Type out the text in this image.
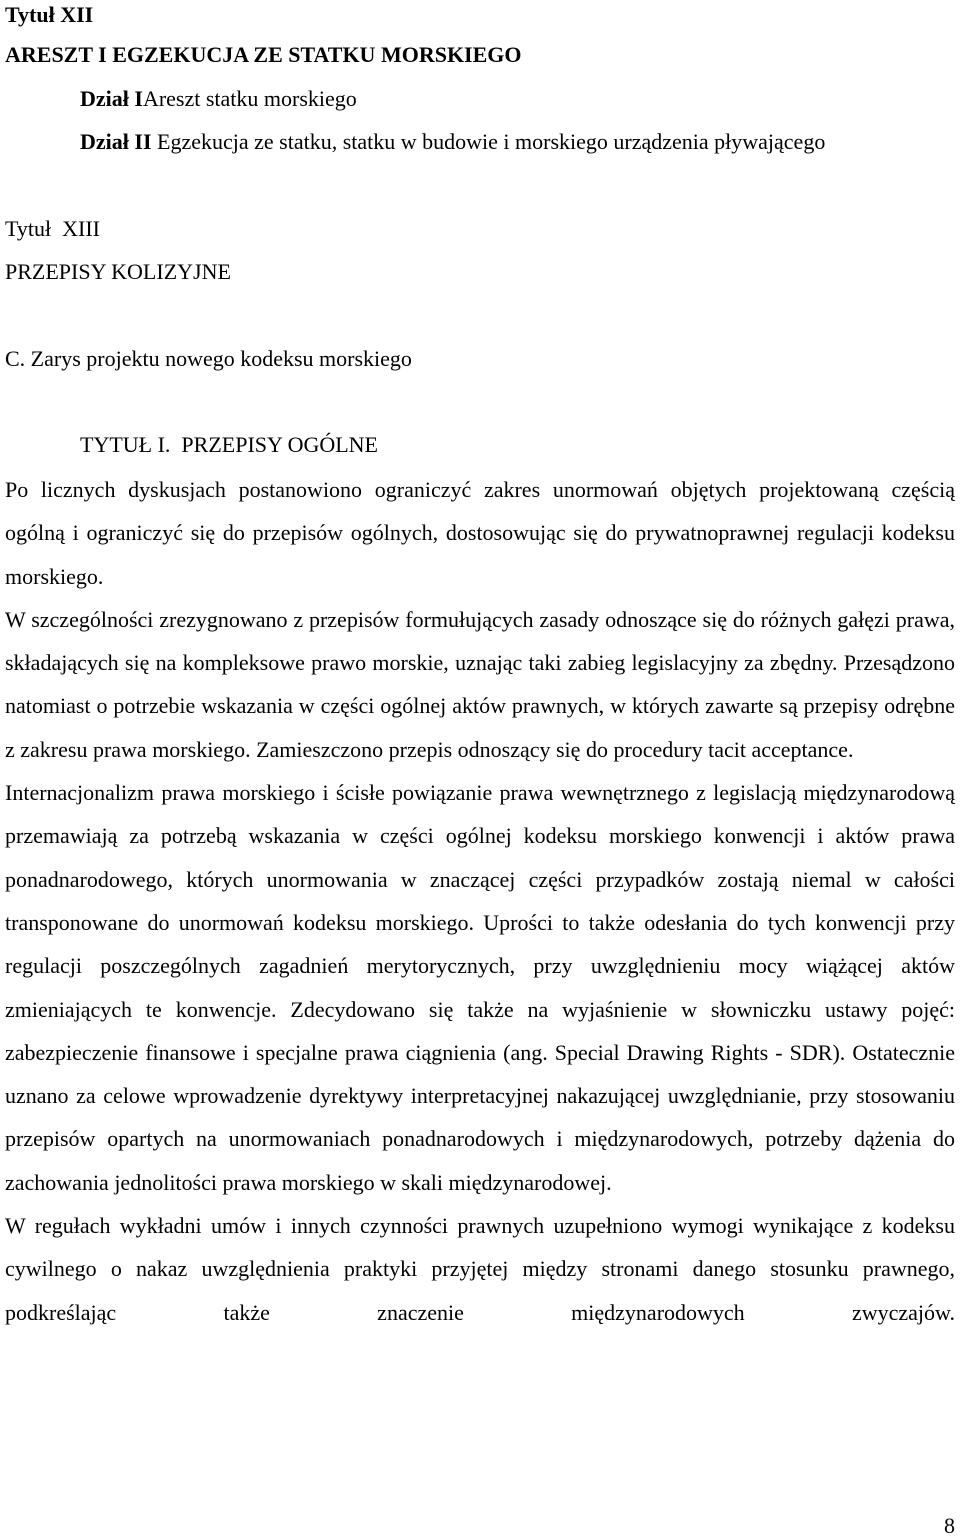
Tytuł XII
ARESZT I EGZEKUCJA ZE STATKU MORSKIEGO
Dział IAreszt statku morskiego
Dział II Egzekucja ze statku, statku w budowie i morskiego urządzenia pływającego
Tytuł  XIII
PRZEPISY KOLIZYJNE
C. Zarys projektu nowego kodeksu morskiego
TYTUŁ I.  PRZEPISY OGÓLNE

Po licznych dyskusjach postanowiono ograniczyć zakres unormowań objętych projektowaną częścią ogólną i ograniczyć się do przepisów ogólnych, dostosowując się do prywatnoprawnej regulacji kodeksu morskiego.

W szczególności zrezygnowano z przepisów formułujących zasady odnoszące się do różnych gałęzi prawa, składających się na kompleksowe prawo morskie, uznając taki zabieg legislacyjny za zbędny. Przesądzono natomiast o potrzebie wskazania w części ogólnej aktów prawnych, w których zawarte są przepisy odrębne z zakresu prawa morskiego. Zamieszczono przepis odnoszący się do procedury tacit acceptance.

Internacjonalizm prawa morskiego i ścisłe powiązanie prawa wewnętrznego z legislacją międzynarodową przemawiają za potrzebą wskazania w części ogólnej kodeksu morskiego konwencji i aktów prawa ponadnarodowego, których unormowania w znaczącej części przypadków zostają niemal w całości transponowane do unormowań kodeksu morskiego. Uprości to także odesłania do tych konwencji przy regulacji poszczególnych zagadnień merytorycznych, przy uwzględnieniu mocy wiążącej aktów zmieniających te konwencje. Zdecydowano się także na wyjaśnienie w słowniczku ustawy pojęć: zabezpieczenie finansowe i specjalne prawa ciągnienia (ang. Special Drawing Rights - SDR). Ostatecznie uznano za celowe wprowadzenie dyrektywy interpretacyjnej nakazującej uwzględnianie, przy stosowaniu przepisów opartych na unormowaniach ponadnarodowych i międzynarodowych, potrzeby dążenia do zachowania jednolitości prawa morskiego w skali międzynarodowej.

W regułach wykładni umów i innych czynności prawnych uzupełniono wymogi wynikające z kodeksu cywilnego o nakaz uwzględnienia praktyki przyjętej między stronami danego stosunku prawnego, podkreślając także znaczenie międzynarodowych zwyczajów.

8
